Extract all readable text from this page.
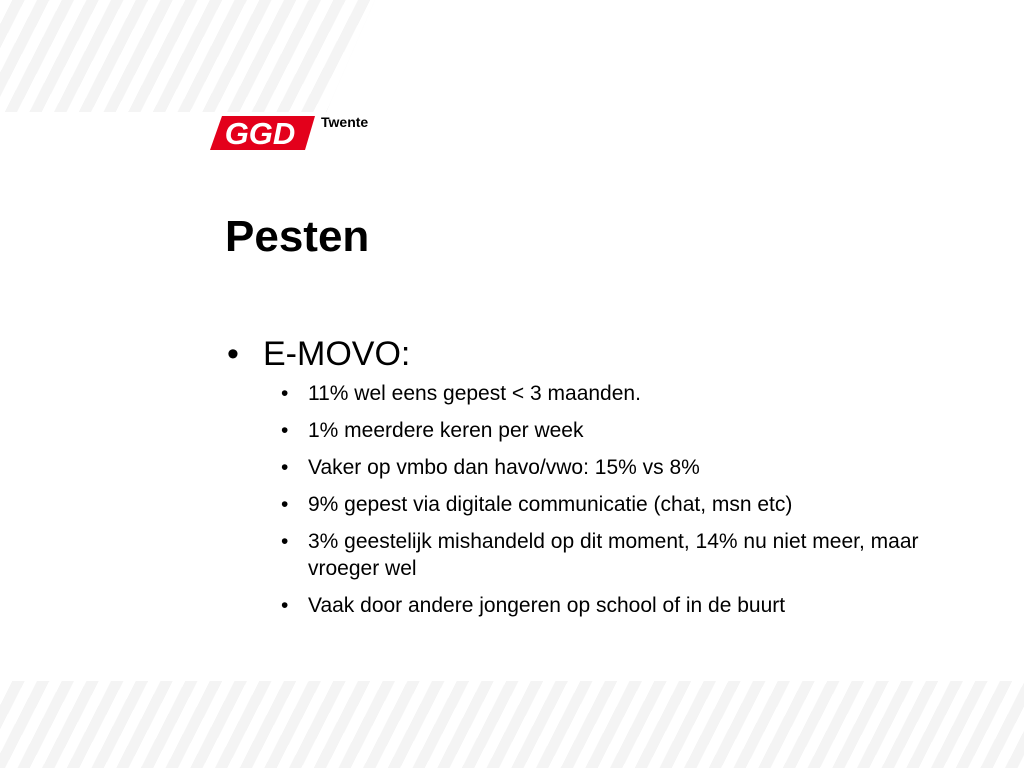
GGD Twente
Pesten
• E-MOVO:
• 11% wel eens gepest < 3 maanden.
• 1% meerdere keren per week
• Vaker op vmbo dan havo/vwo: 15% vs 8%
• 9% gepest via digitale communicatie (chat, msn etc)
• 3% geestelijk mishandeld op dit moment, 14% nu niet meer, maar vroeger wel
• Vaak door andere jongeren op school of in de buurt
